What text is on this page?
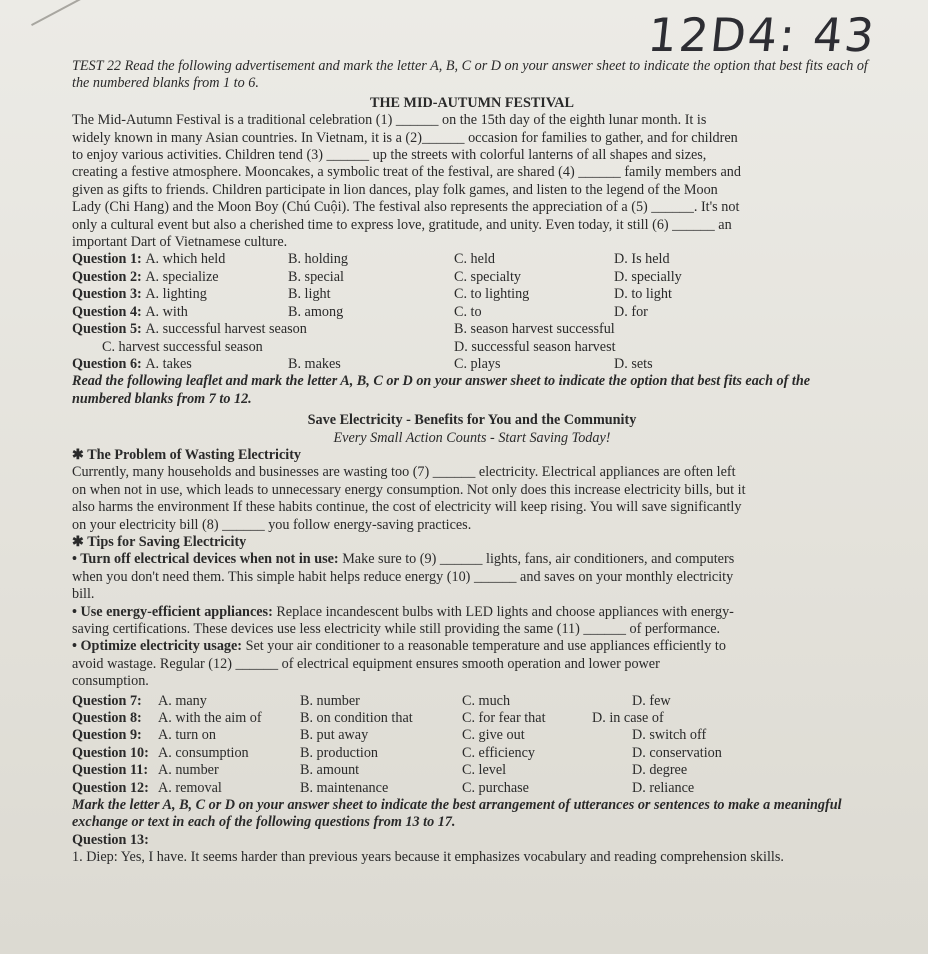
12D4: 43

TEST 22 Read the following advertisement and mark the letter A, B, C or D on your answer sheet to indicate the option that best fits each of the numbered blanks from 1 to 6.

THE MID-AUTUMN FESTIVAL

The Mid-Autumn Festival is a traditional celebration (1) ______ on the 15th day of the eighth lunar month. It is

widely known in many Asian countries. In Vietnam, it is a (2)______ occasion for families to gather, and for children

to enjoy various activities. Children tend (3) ______ up the streets with colorful lanterns of all shapes and sizes,

creating a festive atmosphere. Mooncakes, a symbolic treat of the festival, are shared (4) ______ family members and

given as gifts to friends. Children participate in lion dances, play folk games, and listen to the legend of the Moon

Lady (Chi Hang) and the Moon Boy (Chú Cuội). The festival also represents the appreciation of a (5) ______. It's not

only a cultural event but also a cherished time to express love, gratitude, and unity. Even today, it still (6) ______ an

important Dart of Vietnamese culture.

Question 1: A. which held	B. holding	C. held	D. Is held
Question 2: A. specialize	B. special	C. specialty	D. specially
Question 3: A. lighting	B. light	C. to lighting	D. to light
Question 4: A. with	B. among	C. to	D. for
Question 5: A. successful harvest season	B. season harvest successful
C. harvest successful season	D. successful season harvest
Question 6: A. takes	B. makes	C. plays	D. sets

Read the following leaflet and mark the letter A, B, C or D on your answer sheet to indicate the option that best fits each of the numbered blanks from 7 to 12.

Save Electricity - Benefits for You and the Community

Every Small Action Counts - Start Saving Today!

✱ The Problem of Wasting Electricity

Currently, many households and businesses are wasting too (7) ______ electricity. Electrical appliances are often left

on when not in use, which leads to unnecessary energy consumption. Not only does this increase electricity bills, but it

also harms the environment If these habits continue, the cost of electricity will keep rising. You will save significantly

on your electricity bill (8) ______ you follow energy-saving practices.

✱ Tips for Saving Electricity

• Turn off electrical devices when not in use: Make sure to (9) ______ lights, fans, air conditioners, and computers

when you don't need them. This simple habit helps reduce energy (10) ______ and saves on your monthly electricity

bill.

• Use energy-efficient appliances: Replace incandescent bulbs with LED lights and choose appliances with energy-

saving certifications. These devices use less electricity while still providing the same (11) ______ of performance.

• Optimize electricity usage: Set your air conditioner to a reasonable temperature and use appliances efficiently to

avoid wastage. Regular (12) ______ of electrical equipment ensures smooth operation and lower power

consumption.

Question 7:	A. many	B. number	C. much	D. few
Question 8:	A. with the aim of	B. on condition that	C. for fear that	D. in case of
Question 9:	A. turn on	B. put away	C. give out	D. switch off
Question 10: A. consumption	B. production	C. efficiency	D. conservation
Question 11: A. number	B. amount	C. level	D. degree
Question 12: A. removal	B. maintenance	C. purchase	D. reliance

Mark the letter A, B, C or D on your answer sheet to indicate the best arrangement of utterances or sentences to make a meaningful exchange or text in each of the following questions from 13 to 17.

Question 13:

1. Diep: Yes, I have. It seems harder than previous years because it emphasizes vocabulary and reading comprehension skills.
